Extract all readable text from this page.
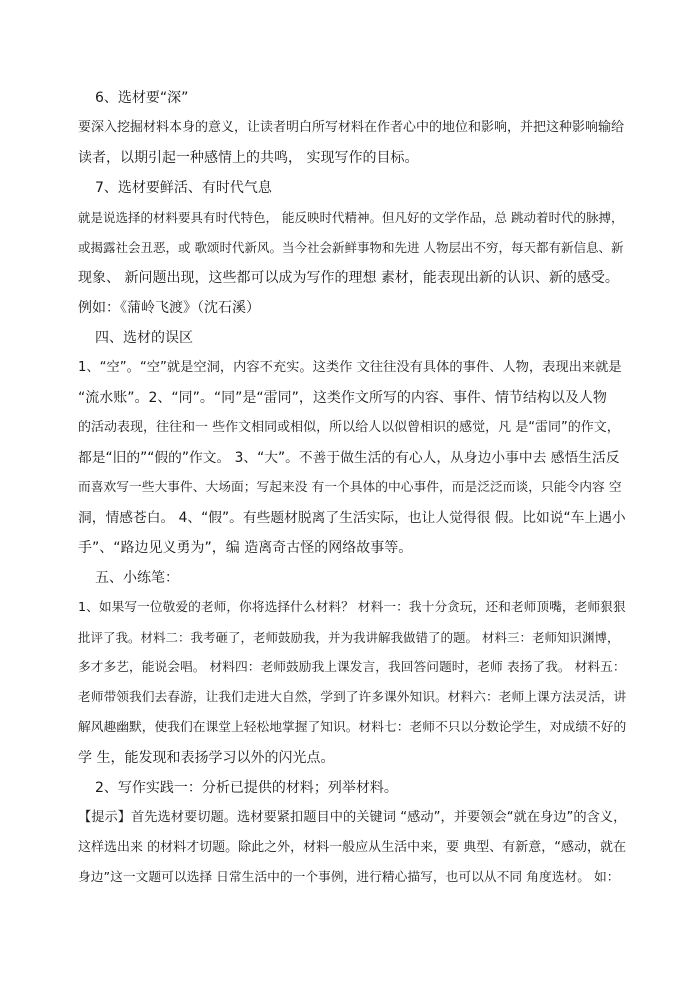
6、选材要“深”
要深入挖掘材料本身的意义，让读者明白所写材料在作者心中的地位和影响，并把这种影响输给
读者，以期引起一种感情上的共鸣， 实现写作的目标。
7、选材要鲜活、有时代气息
就是说选择的材料要具有时代特色， 能反映时代精神。但凡好的文学作品，总 跳动着时代的脉搏，
或揭露社会丑恶，或 歌颂时代新风。当今社会新鲜事物和先进 人物层出不穷，每天都有新信息、新
现象、 新问题出现，这些都可以成为写作的理想 素材，能表现出新的认识、新的感受。
例如：《蒲岭飞渡》（沈石溪）
四、选材的误区
1、“空”。“空”就是空洞，内容不充实。这类作 文往往没有具体的事件、人物，表现出来就是
“流水账”。2、“同”。“同”是“雷同”，这类作文所写的内容、事件、情节结构以及人物
的活动表现，往往和一 些作文相同或相似，所以给人以似曾相识的感觉，凡 是“雷同”的作文，
都是“旧的”“假的”作文。 3、“大”。不善于做生活的有心人，从身边小事中去 感悟生活反
而喜欢写一些大事件、大场面；写起来没 有一个具体的中心事件，而是泛泛而谈，只能令内容 空
洞，情感苍白。 4、“假”。有些题材脱离了生活实际，也让人觉得很 假。比如说“车上遇小
手”、“路边见义勇为”，编 造离奇古怪的网络故事等。
五、小练笔：
1、如果写一位敬爱的老师，你将选择什么材料？ 材料一：我十分贪玩，还和老师顶嘴，老师狠狠
批评了我。材料二：我考砸了，老师鼓励我，并为我讲解我做错了的题。 材料三：老师知识渊博，
多才多艺，能说会唱。 材料四：老师鼓励我上课发言，我回答问题时，老师 表扬了我。 材料五：
老师带领我们去春游，让我们走进大自然，学到了许多课外知识。材料六：老师上课方法灵活，讲
解风趣幽默，使我们在课堂上轻松地掌握了知识。材料七：老师不只以分数论学生，对成绩不好的
学 生，能发现和表扬学习以外的闪光点。
2、写作实践一：分析已提供的材料；列举材料。
【提示】首先选材要切题。选材要紧扣题目中的关键词 “感动”，并要领会“就在身边”的含义，
这样选出来 的材料才切题。除此之外，材料一般应从生活中来，要 典型、有新意，“感动，就在
身边”这一文题可以选择 日常生活中的一个事例，进行精心描写，也可以从不同 角度选材。 如：
